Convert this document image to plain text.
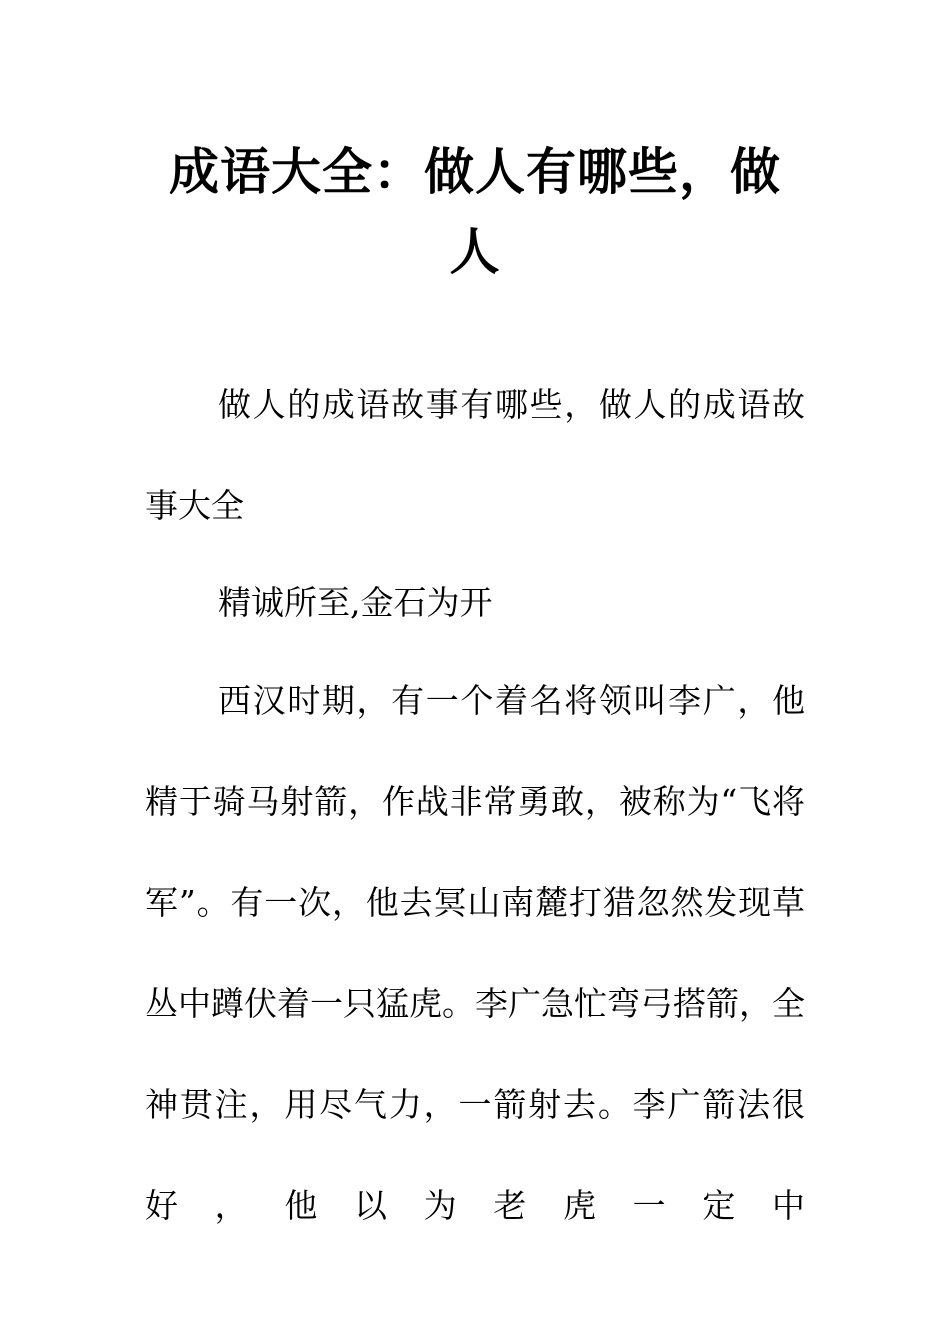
成语大全：做人有哪些，做人

做人的成语故事有哪些，做人的成语故事大全

精诚所至,金石为开

西汉时期，有一个着名将领叫李广，他精于骑马射箭，作战非常勇敢，被称为“飞将军”。有一次，他去冥山南麓打猎忽然发现草丛中蹲伏着一只猛虎。李广急忙弯弓搭箭，全神贯注，用尽气力，一箭射去。李广箭法很好，他以为老虎一定中
